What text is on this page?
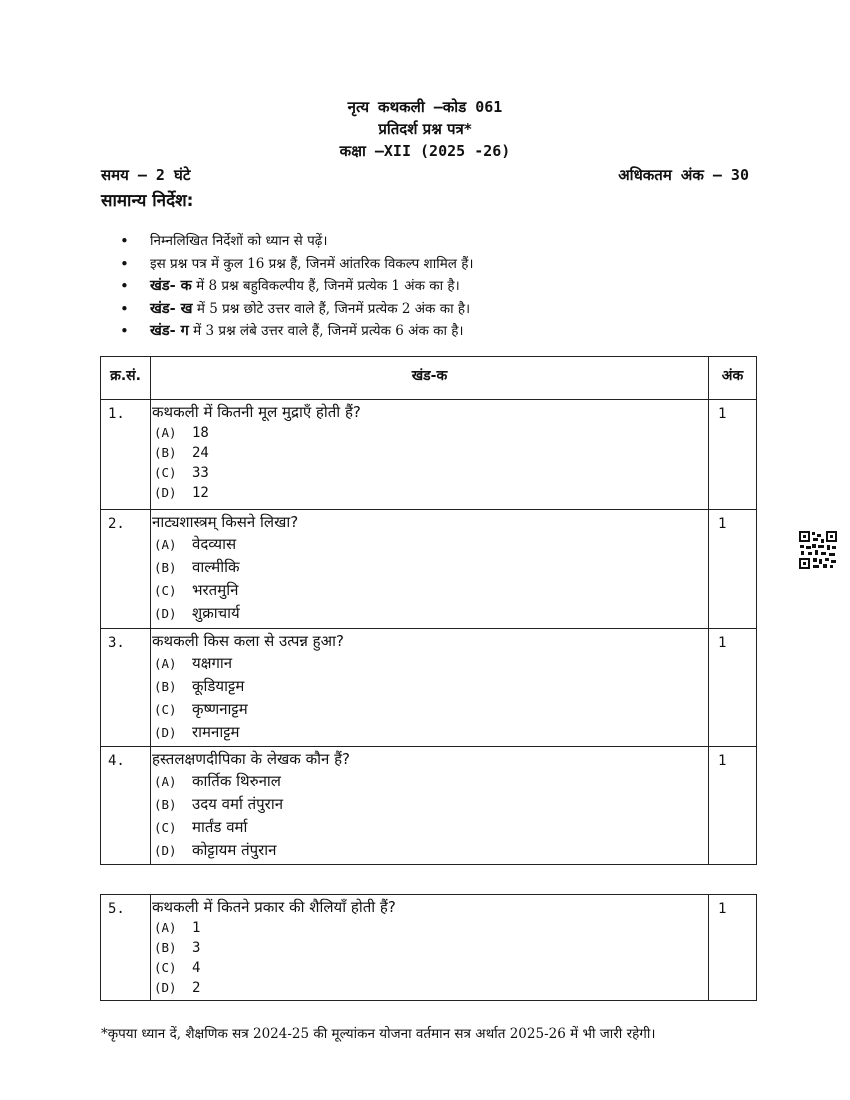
नृत्य कथकली –कोड 061
प्रतिदर्श प्रश्न पत्र*
कक्षा –XII (2025 -26)
समय – 2 घंटे	अधिकतम अंक – 30
सामान्य निर्देश:
• निम्नलिखित निर्देशों को ध्यान से पढ़ें।
• इस प्रश्न पत्र में कुल 16 प्रश्न हैं, जिनमें आंतरिक विकल्प शामिल हैं।
• खंड- क में 8 प्रश्न बहुविकल्पीय हैं, जिनमें प्रत्येक 1 अंक का है।
• खंड- ख में 5 प्रश्न छोटे उत्तर वाले हैं, जिनमें प्रत्येक 2 अंक का है।
• खंड- ग में 3 प्रश्न लंबे उत्तर वाले हैं, जिनमें प्रत्येक 6 अंक का है।
क्र.सं.	खंड-क	अंक
1.	कथकली में कितनी मूल मुद्राएँ होती हैं?
(A) 18
(B) 24
(C) 33
(D) 12	1
2.	नाट्यशास्त्रम् किसने लिखा?
(A) वेदव्यास
(B) वाल्मीकि
(C) भरतमुनि
(D) शुक्राचार्य	1
3.	कथकली किस कला से उत्पन्न हुआ?
(A) यक्षगान
(B) कूडियाट्टम
(C) कृष्णनाट्टम
(D) रामनाट्टम	1
4.	हस्तलक्षणदीपिका के लेखक कौन हैं?
(A) कार्तिक थिरुनाल
(B) उदय वर्मा तंपुरान
(C) मार्तंड वर्मा
(D) कोट्टायम तंपुरान	1
5.	कथकली में कितने प्रकार की शैलियाँ होती हैं?
(A) 1
(B) 3
(C) 4
(D) 2
	1
*कृपया ध्यान दें, शैक्षणिक सत्र 2024-25 की मूल्यांकन योजना वर्तमान सत्र अर्थात 2025-26 में भी जारी रहेगी।
